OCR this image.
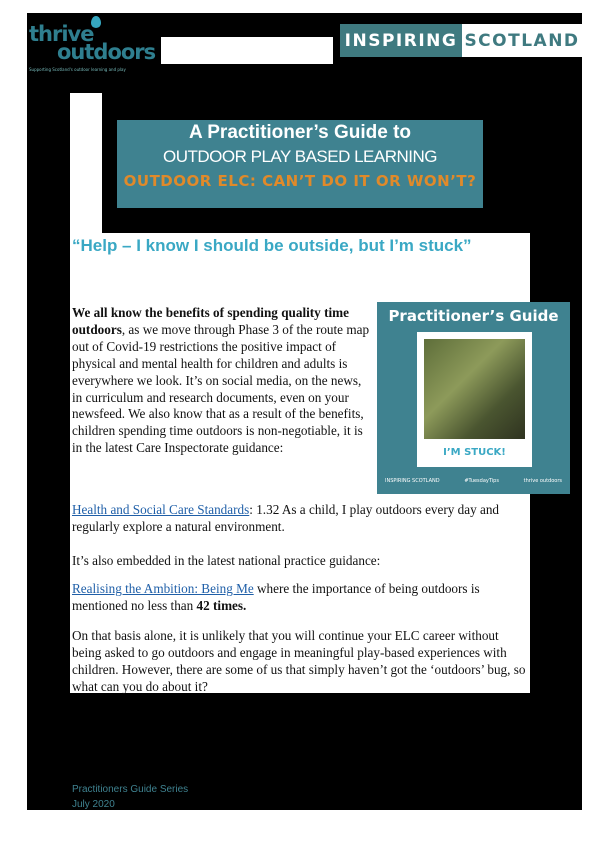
thrive
outdoors
Supporting Scotland's outdoor learning and play
INSPIRING SCOTLAND
A Practitioner’s Guide to
OUTDOOR PLAY BASED LEARNING
OUTDOOR ELC: CAN’T DO IT OR WON’T?
“Help – I know I should be outside, but I’m stuck”
We all know the benefits of spending quality time outdoors, as we move through Phase 3 of the route map out of Covid-19 restrictions the positive impact of physical and mental health for children and adults is everywhere we look. It’s on social media, on the news, in curriculum and research documents, even on your newsfeed. We also know that as a result of the benefits, children spending time outdoors is non-negotiable, it is in the latest Care Inspectorate guidance:
Practitioner’s Guide
I’M STUCK!
INSPIRING SCOTLAND	#TuesdayTips	thrive outdoors
Health and Social Care Standards: 1.32 As a child, I play outdoors every day and regularly explore a natural environment.
It’s also embedded in the latest national practice guidance:
Realising the Ambition: Being Me where the importance of being outdoors is mentioned no less than 42 times.
On that basis alone, it is unlikely that you will continue your ELC career without being asked to go outdoors and engage in meaningful play-based experiences with children. However, there are some of us that simply haven’t got the ‘outdoors’ bug, so what can you do about it?
Practitioners Guide Series
July 2020
